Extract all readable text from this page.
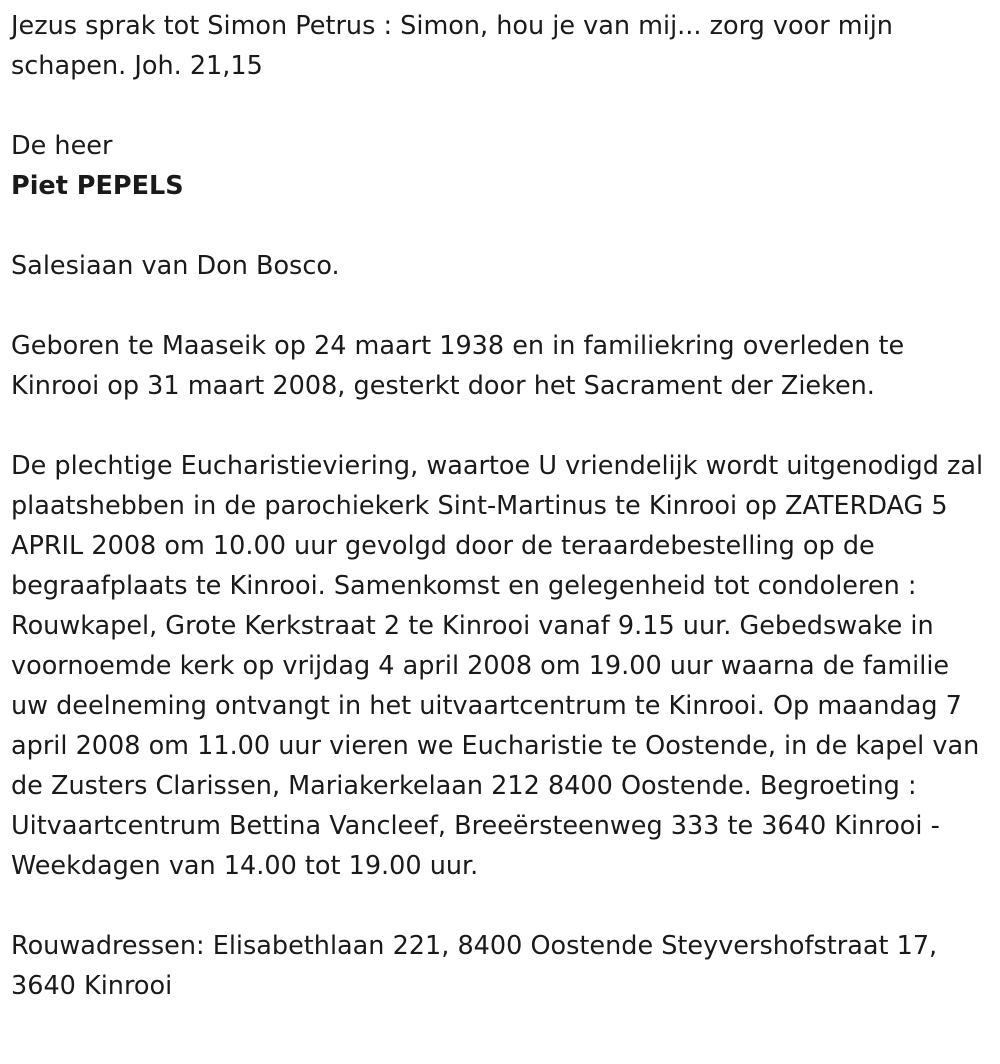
Jezus sprak tot Simon Petrus : Simon, hou je van mij... zorg voor mijn schapen. Joh. 21,15

De heer

Piet PEPELS

Salesiaan van Don Bosco.

Geboren te Maaseik op 24 maart 1938 en in familiekring overleden te Kinrooi op 31 maart 2008, gesterkt door het Sacrament der Zieken.

De plechtige Eucharistieviering, waartoe U vriendelijk wordt uitgenodigd zal plaatshebben in de parochiekerk Sint-Martinus te Kinrooi op ZATERDAG 5 APRIL 2008 om 10.00 uur gevolgd door de teraardebestelling op de begraafplaats te Kinrooi. Samenkomst en gelegenheid tot condoleren : Rouwkapel, Grote Kerkstraat 2 te Kinrooi vanaf 9.15 uur. Gebedswake in voornoemde kerk op vrijdag 4 april 2008 om 19.00 uur waarna de familie uw deelneming ontvangt in het uitvaartcentrum te Kinrooi. Op maandag 7 april 2008 om 11.00 uur vieren we Eucharistie te Oostende, in de kapel van de Zusters Clarissen, Mariakerkelaan 212 8400 Oostende. Begroeting : Uitvaartcentrum Bettina Vancleef, Breeërsteenweg 333 te 3640 Kinrooi - Weekdagen van 14.00 tot 19.00 uur.

Rouwadressen: Elisabethlaan 221, 8400 Oostende Steyvershofstraat 17, 3640 Kinrooi
